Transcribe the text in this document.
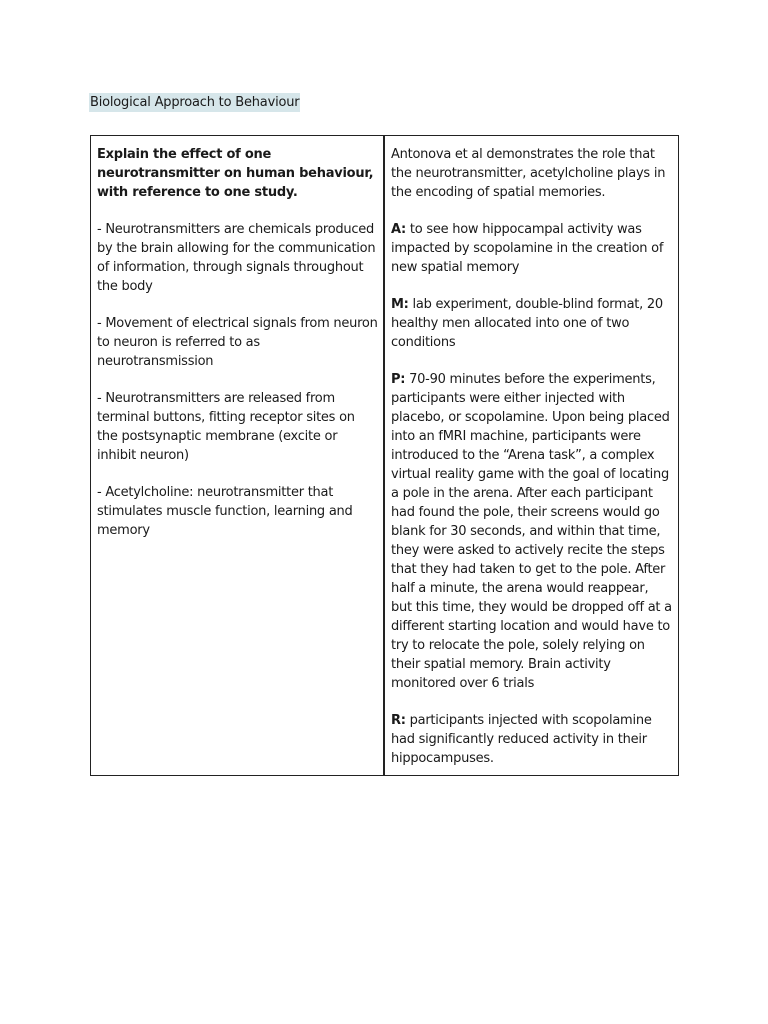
Biological Approach to Behaviour

Explain the effect of one neurotransmitter on human behaviour, with reference to one study.

- Neurotransmitters are chemicals produced by the brain allowing for the communication of information, through signals throughout the body

- Movement of electrical signals from neuron to neuron is referred to as neurotransmission

- Neurotransmitters are released from terminal buttons, fitting receptor sites on the postsynaptic membrane (excite or inhibit neuron)

- Acetylcholine: neurotransmitter that stimulates muscle function, learning and memory

Antonova et al demonstrates the role that the neurotransmitter, acetylcholine plays in the encoding of spatial memories.

A: to see how hippocampal activity was impacted by scopolamine in the creation of new spatial memory

M: lab experiment, double-blind format, 20 healthy men allocated into one of two conditions

P: 70-90 minutes before the experiments, participants were either injected with placebo, or scopolamine. Upon being placed into an fMRI machine, participants were introduced to the “Arena task”, a complex virtual reality game with the goal of locating a pole in the arena. After each participant had found the pole, their screens would go blank for 30 seconds, and within that time, they were asked to actively recite the steps that they had taken to get to the pole. After half a minute, the arena would reappear, but this time, they would be dropped off at a different starting location and would have to try to relocate the pole, solely relying on their spatial memory. Brain activity monitored over 6 trials

R: participants injected with scopolamine had significantly reduced activity in their hippocampuses.
